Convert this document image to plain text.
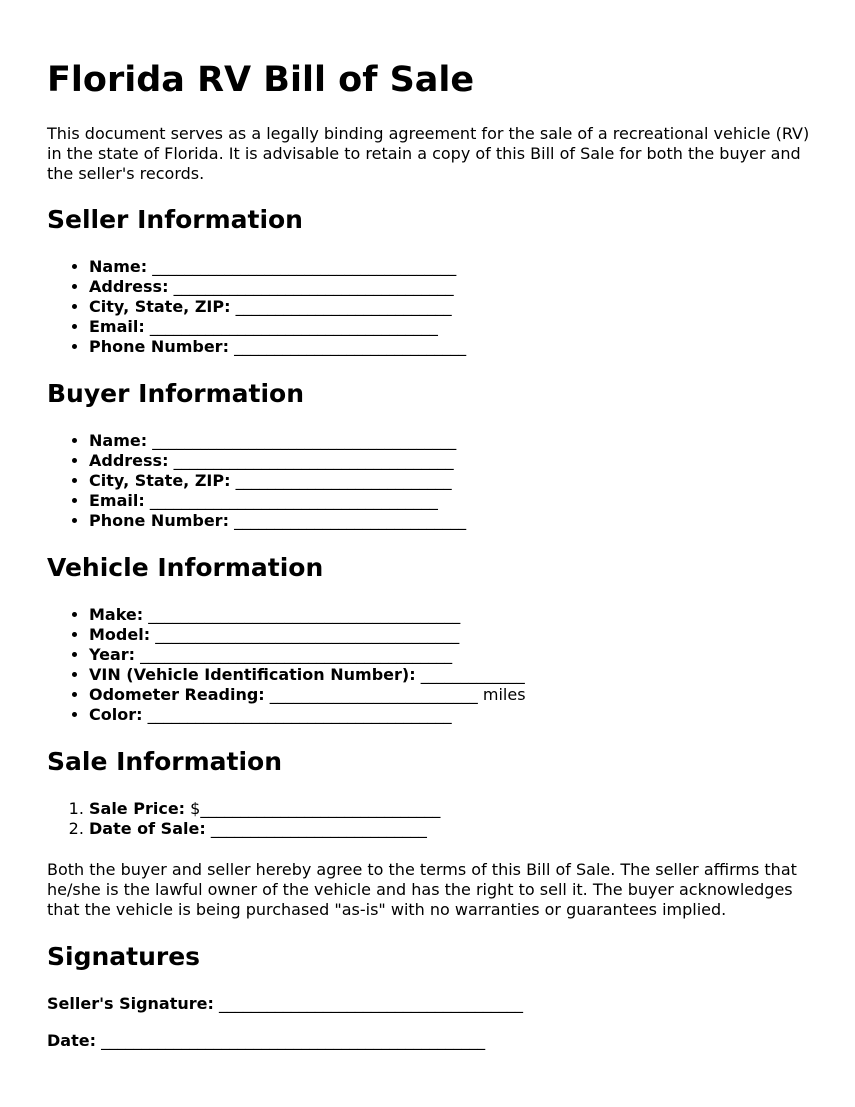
Florida RV Bill of Sale

This document serves as a legally binding agreement for the sale of a recreational vehicle (RV) in the state of Florida. It is advisable to retain a copy of this Bill of Sale for both the buyer and the seller's records.

Seller Information
• Name: ______________________________________
• Address: ___________________________________
• City, State, ZIP: ___________________________
• Email: ____________________________________
• Phone Number: _____________________________
Buyer Information
• Name: ______________________________________
• Address: ___________________________________
• City, State, ZIP: ___________________________
• Email: ____________________________________
• Phone Number: _____________________________
Vehicle Information
• Make: _______________________________________
• Model: ______________________________________
• Year: _______________________________________
• VIN (Vehicle Identification Number): _____________
• Odometer Reading: __________________________ miles
• Color: ______________________________________
Sale Information
1. Sale Price: $______________________________
2. Date of Sale: ___________________________

Both the buyer and seller hereby agree to the terms of this Bill of Sale. The seller affirms that he/she is the lawful owner of the vehicle and has the right to sell it. The buyer acknowledges that the vehicle is being purchased "as-is" with no warranties or guarantees implied.

Signatures

Seller's Signature: ______________________________________

Date: ________________________________________________
